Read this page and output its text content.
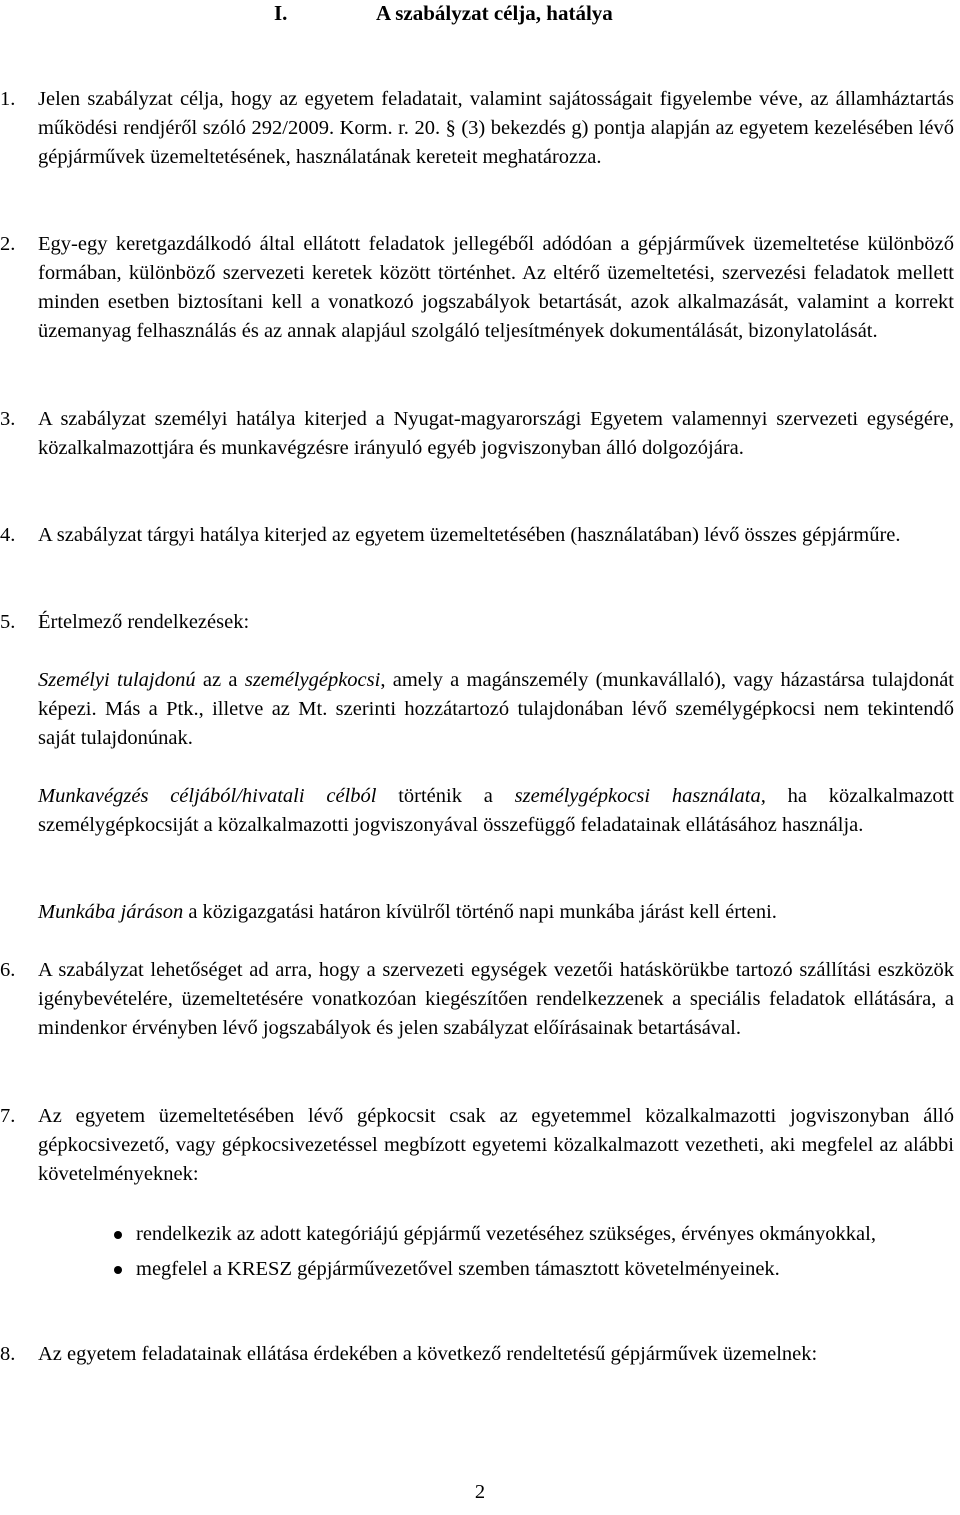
I.	A szabályzat célja, hatálya
1. Jelen szabályzat célja, hogy az egyetem feladatait, valamint sajátosságait figyelembe véve, az államháztartás működési rendjéről szóló 292/2009. Korm. r. 20. § (3) bekezdés g) pontja alapján az egyetem kezelésében lévő gépjárművek üzemeltetésének, használatának kereteit meghatározza.
2. Egy-egy keretgazdálkodó által ellátott feladatok jellegéből adódóan a gépjárművek üzemeltetése különböző formában, különböző szervezeti keretek között történhet. Az eltérő üzemeltetési, szervezési feladatok mellett minden esetben biztosítani kell a vonatkozó jogszabályok betartását, azok alkalmazását, valamint a korrekt üzemanyag felhasználás és az annak alapjául szolgáló teljesítmények dokumentálását, bizonylatolását.
3. A szabályzat személyi hatálya kiterjed a Nyugat-magyarországi Egyetem valamennyi szervezeti egységére, közalkalmazottjára és munkavégzésre irányuló egyéb jogviszonyban álló dolgozójára.
4. A szabályzat tárgyi hatálya kiterjed az egyetem üzemeltetésében (használatában) lévő összes gépjárműre.
5. Értelmező rendelkezések:
Személyi tulajdonú az a személygépkocsi, amely a magánszemély (munkavállaló), vagy házastársa tulajdonát képezi. Más a Ptk., illetve az Mt. szerinti hozzátartozó tulajdonában lévő személygépkocsi nem tekintendő saját tulajdonúnak.
Munkavégzés céljából/hivatali célból történik a személygépkocsi használata, ha közalkalmazott személygépkocsiját a közalkalmazotti jogviszonyával összefüggő feladatainak ellátásához használja.
Munkába járáson a közigazgatási határon kívülről történő napi munkába járást kell érteni.
6. A szabályzat lehetőséget ad arra, hogy a szervezeti egységek vezetői hatáskörükbe tartozó szállítási eszközök igénybevételére, üzemeltetésére vonatkozóan kiegészítően rendelkezzenek a speciális feladatok ellátására, a mindenkor érvényben lévő jogszabályok és jelen szabályzat előírásainak betartásával.
7. Az egyetem üzemeltetésében lévő gépkocsit csak az egyetemmel közalkalmazotti jogviszonyban álló gépkocsivezető, vagy gépkocsivezetéssel megbízott egyetemi közalkalmazott vezetheti, aki megfelel az alábbi követelményeknek:
rendelkezik az adott kategóriájú gépjármű vezetéséhez szükséges, érvényes okmányokkal,
megfelel a KRESZ gépjárművezetővel szemben támasztott követelményeinek.
8. Az egyetem feladatainak ellátása érdekében a következő rendeltetésű gépjárművek üzemelnek:
2
